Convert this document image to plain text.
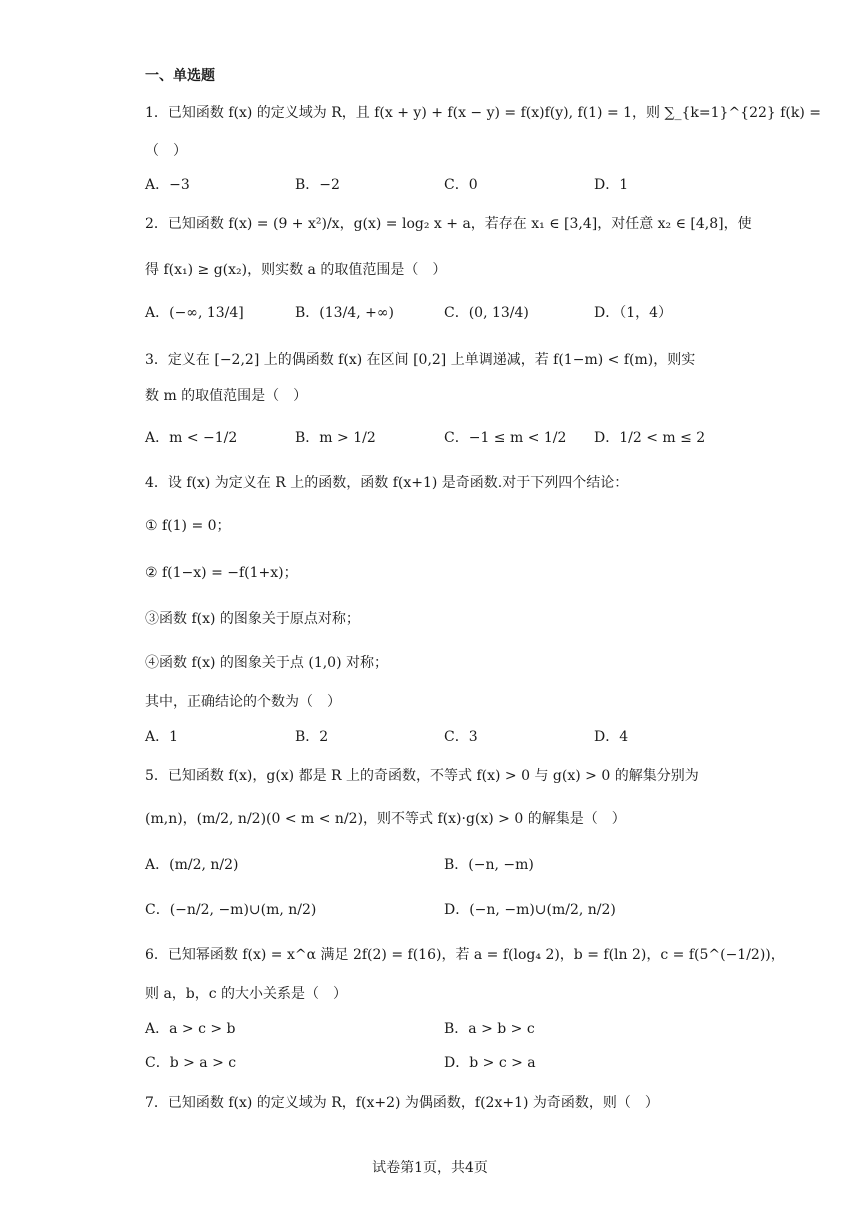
一、单选题
1．已知函数 f(x) 的定义域为 R，且 f(x + y) + f(x − y) = f(x)f(y), f(1) = 1，则 ∑_{k=1}^{22} f(k) =
（　）
A．−3	B．−2	C．0	D．1
2．已知函数 f(x) = (9 + x²)/x，g(x) = log₂ x + a，若存在 x₁ ∈ [3,4]，对任意 x₂ ∈ [4,8]，使
得 f(x₁) ≥ g(x₂)，则实数 a 的取值范围是（　）
A．(−∞, 13/4]	B．(13/4, +∞)	C．(0, 13/4)	D．（1，4）
3．定义在 [−2,2] 上的偶函数 f(x) 在区间 [0,2] 上单调递减，若 f(1−m) < f(m)，则实
数 m 的取值范围是（　）
A．m < −1/2	B．m > 1/2	C．−1 ≤ m < 1/2 D．1/2 < m ≤ 2
4．设 f(x) 为定义在 R 上的函数，函数 f(x+1) 是奇函数.对于下列四个结论：
① f(1) = 0；
② f(1−x) = −f(1+x)；
③函数 f(x) 的图象关于原点对称；
④函数 f(x) 的图象关于点 (1,0) 对称；
其中，正确结论的个数为（　）
A．1	B．2	C．3	D．4
5．已知函数 f(x)，g(x) 都是 R 上的奇函数，不等式 f(x) > 0 与 g(x) > 0 的解集分别为
(m,n)，(m/2, n/2)(0 < m < n/2)，则不等式 f(x)·g(x) > 0 的解集是（　）
A．(m/2, n/2)	B．(−n, −m)
C．(−n/2, −m)∪(m, n/2)	D．(−n, −m)∪(m/2, n/2)
6．已知幂函数 f(x) = x^α 满足 2f(2) = f(16)，若 a = f(log₄ 2)，b = f(ln 2)，c = f(5^(−1/2))，
则 a，b，c 的大小关系是（　）
A．a > c > b	B．a > b > c
C．b > a > c	D．b > c > a
7．已知函数 f(x) 的定义域为 R，f(x+2) 为偶函数，f(2x+1) 为奇函数，则（　）
试卷第1页，共4页
